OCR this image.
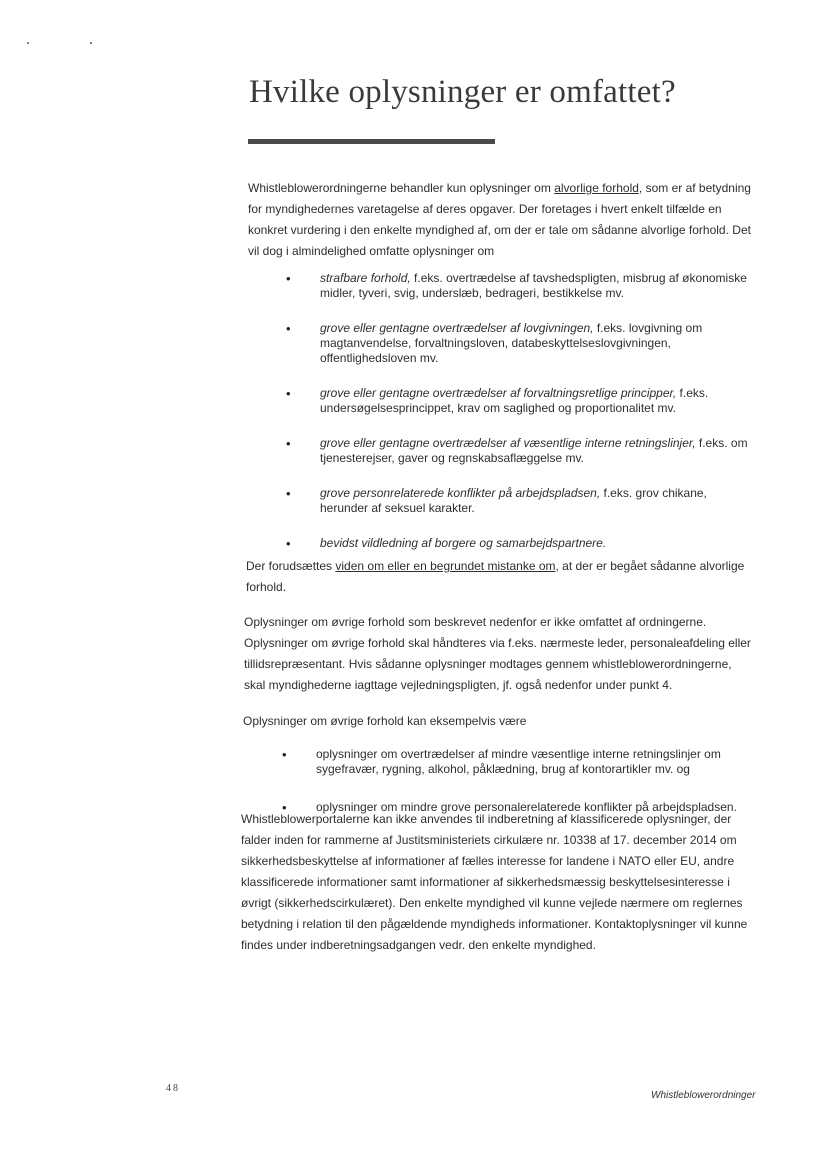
Hvilke oplysninger er omfattet?

Whistleblowerordningerne behandler kun oplysninger om alvorlige forhold, som er af betydning for myndighedernes varetagelse af deres opgaver. Der foretages i hvert enkelt tilfælde en konkret vurdering i den enkelte myndighed af, om der er tale om sådanne alvorlige forhold. Det vil dog i almindelighed omfatte oplysninger om

•	strafbare forhold, f.eks. overtrædelse af tavshedspligten, misbrug af økonomiske midler, tyveri, svig, underslæb, bedrageri, bestikkelse mv.
•	grove eller gentagne overtrædelser af lovgivningen, f.eks. lovgivning om magtanvendelse, forvaltningsloven, databeskyttelseslovgivningen, offentlighedsloven mv.
•	grove eller gentagne overtrædelser af forvaltningsretlige principper, f.eks. undersøgelsesprincippet, krav om saglighed og proportionalitet mv.
•	grove eller gentagne overtrædelser af væsentlige interne retningslinjer, f.eks. om tjenesterejser, gaver og regnskabsaflæggelse mv.
•	grove personrelaterede konflikter på arbejdspladsen, f.eks. grov chikane, herunder af seksuel karakter.
•	bevidst vildledning af borgere og samarbejdspartnere.

Der forudsættes viden om eller en begrundet mistanke om, at der er begået sådanne alvorlige forhold.

Oplysninger om øvrige forhold som beskrevet nedenfor er ikke omfattet af ordningerne. Oplysninger om øvrige forhold skal håndteres via f.eks. nærmeste leder, personaleafdeling eller tillidsrepræsentant. Hvis sådanne oplysninger modtages gennem whistleblowerordningerne, skal myndighederne iagttage vejledningspligten, jf. også nedenfor under punkt 4.

Oplysninger om øvrige forhold kan eksempelvis være

•	oplysninger om overtrædelser af mindre væsentlige interne retningslinjer om sygefravær, rygning, alkohol, påklædning, brug af kontorartikler mv. og
•	oplysninger om mindre grove personalerelaterede konflikter på arbejdspladsen.

Whistleblowerportalerne kan ikke anvendes til indberetning af klassificerede oplysninger, der falder inden for rammerne af Justitsministeriets cirkulære nr. 10338 af 17. december 2014 om sikkerhedsbeskyttelse af informationer af fælles interesse for landene i NATO eller EU, andre klassificerede informationer samt informationer af sikkerhedsmæssig beskyttelsesinteresse i øvrigt (sikkerhedscirkulæret). Den enkelte myndighed vil kunne vejlede nærmere om reglernes betydning i relation til den pågældende myndigheds informationer. Kontaktoplysninger vil kunne findes under indberetningsadgangen vedr. den enkelte myndighed.

48
Whistleblowerordninger
